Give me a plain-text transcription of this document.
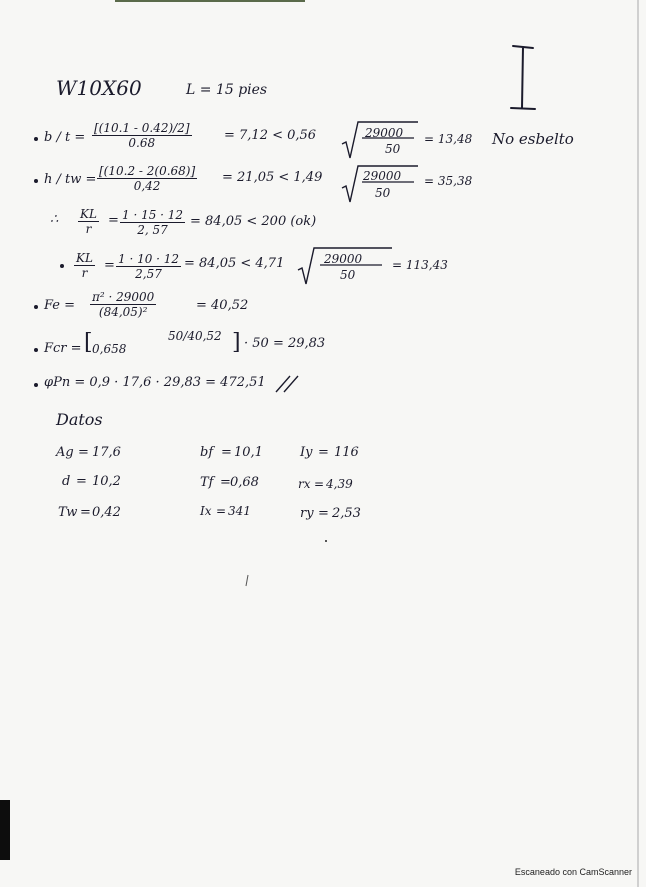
W10X60	L = 15 pies
$b / t = \frac{[(10.1 - 0.42)/2]}{0.68} = 7,12 < 0,56$	29000
50
= 13,48 No esbelto
h / tw = $\frac{[(10.2 - 2(0.68)]}{0,42} = 21,05 < 1,49$	29000
50
= 35,38
∴ $\frac{KL}{r} = \frac{1 \cdot 15 \cdot 12}{2, 57} = 84,05 < 200$ (ok)
$\frac{KL}{r} = \frac{1 \cdot 10 \cdot 12}{2,57} = 84,05 < 4,71$	29000
50
= 113,43
$Fe = \frac{\text{π² · 29000}}{\text{(84,05)²}}$	= 40,52
Fcr = [ 0,658
50/40,52 ] · 50 = 29,83
φPn = 0,9 · 17,6 · 29,83 = 472,51
Datos
Ag = 17,6	bf = 10,1	Iy = 116
d = 10,2	Tf = 0,68	rx = 4,39
Tw = 0,42	Ix = 341	ry = 2,53
Escaneado con CamScanner
